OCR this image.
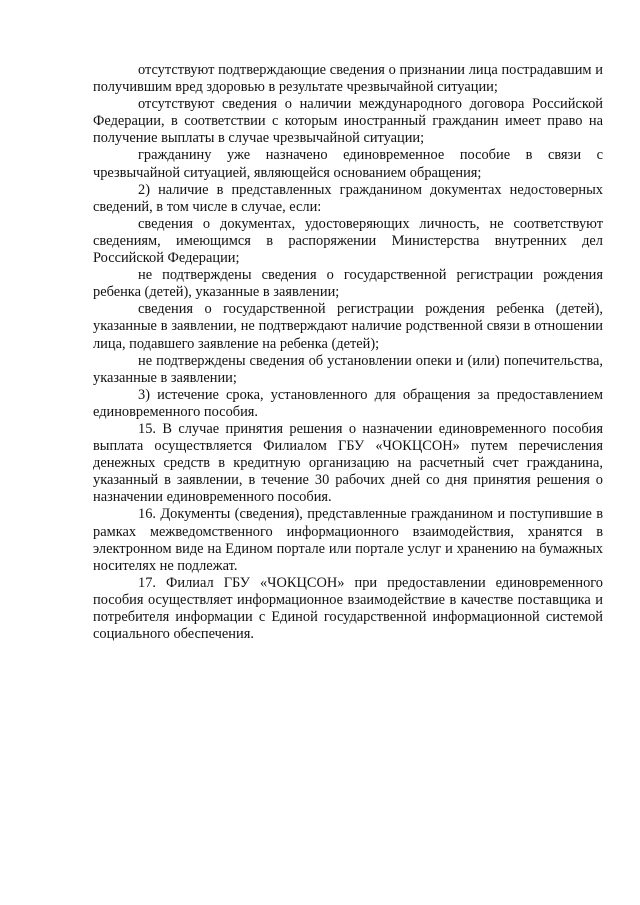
отсутствуют подтверждающие сведения о признании лица пострадавшим и получившим вред здоровью в результате чрезвычайной ситуации;

отсутствуют сведения о наличии международного договора Российской Федерации, в соответствии с которым иностранный гражданин имеет право на получение выплаты в случае чрезвычайной ситуации;

гражданину уже назначено единовременное пособие в связи с чрезвычайной ситуацией, являющейся основанием обращения;

2) наличие в представленных гражданином документах недостоверных сведений, в том числе в случае, если:

сведения о документах, удостоверяющих личность, не соответствуют сведениям, имеющимся в распоряжении Министерства внутренних дел Российской Федерации;

не подтверждены сведения о государственной регистрации рождения ребенка (детей), указанные в заявлении;

сведения о государственной регистрации рождения ребенка (детей), указанные в заявлении, не подтверждают наличие родственной связи в отношении лица, подавшего заявление на ребенка (детей);

не подтверждены сведения об установлении опеки и (или) попечительства, указанные в заявлении;

3) истечение срока, установленного для обращения за предоставлением единовременного пособия.

15. В случае принятия решения о назначении единовременного пособия выплата осуществляется Филиалом ГБУ «ЧОКЦСОН» путем перечисления денежных средств в кредитную организацию на расчетный счет гражданина, указанный в заявлении, в течение 30 рабочих дней со дня принятия решения о назначении единовременного пособия.

16. Документы (сведения), представленные гражданином и поступившие в рамках межведомственного информационного взаимодействия, хранятся в электронном виде на Едином портале или портале услуг и хранению на бумажных носителях не подлежат.

17. Филиал ГБУ «ЧОКЦСОН» при предоставлении единовременного пособия осуществляет информационное взаимодействие в качестве поставщика и потребителя информации с Единой государственной информационной системой социального обеспечения.
